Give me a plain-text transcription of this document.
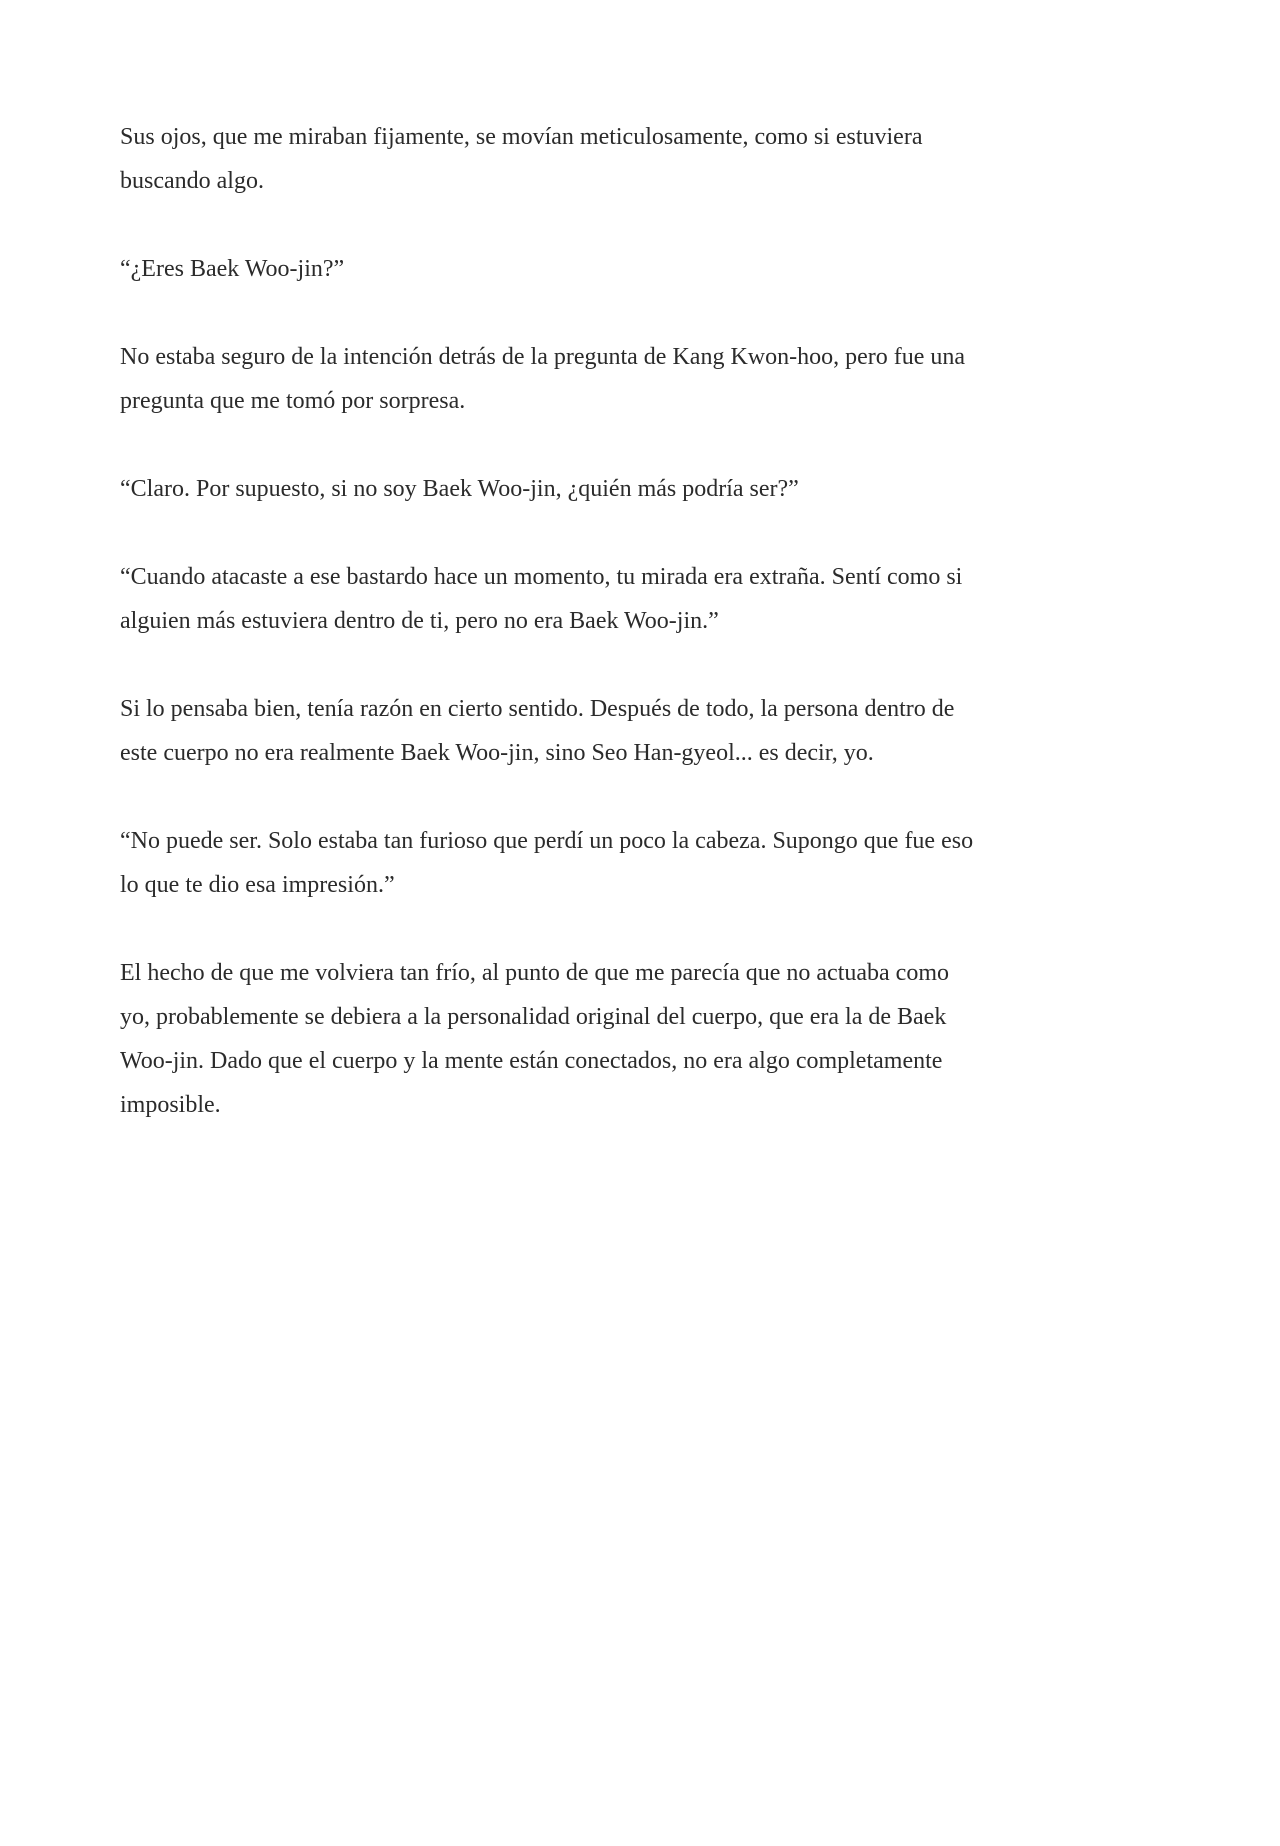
Sus ojos, que me miraban fijamente, se movían meticulosamente, como si estuviera
buscando algo.

“¿Eres Baek Woo-jin?”

No estaba seguro de la intención detrás de la pregunta de Kang Kwon-hoo, pero fue una
pregunta que me tomó por sorpresa.

“Claro. Por supuesto, si no soy Baek Woo-jin, ¿quién más podría ser?”

“Cuando atacaste a ese bastardo hace un momento, tu mirada era extraña. Sentí como si
alguien más estuviera dentro de ti, pero no era Baek Woo-jin.”

Si lo pensaba bien, tenía razón en cierto sentido. Después de todo, la persona dentro de
este cuerpo no era realmente Baek Woo-jin, sino Seo Han-gyeol... es decir, yo.

“No puede ser. Solo estaba tan furioso que perdí un poco la cabeza. Supongo que fue eso
lo que te dio esa impresión.”

El hecho de que me volviera tan frío, al punto de que me parecía que no actuaba como
yo, probablemente se debiera a la personalidad original del cuerpo, que era la de Baek
Woo-jin. Dado que el cuerpo y la mente están conectados, no era algo completamente
imposible.
